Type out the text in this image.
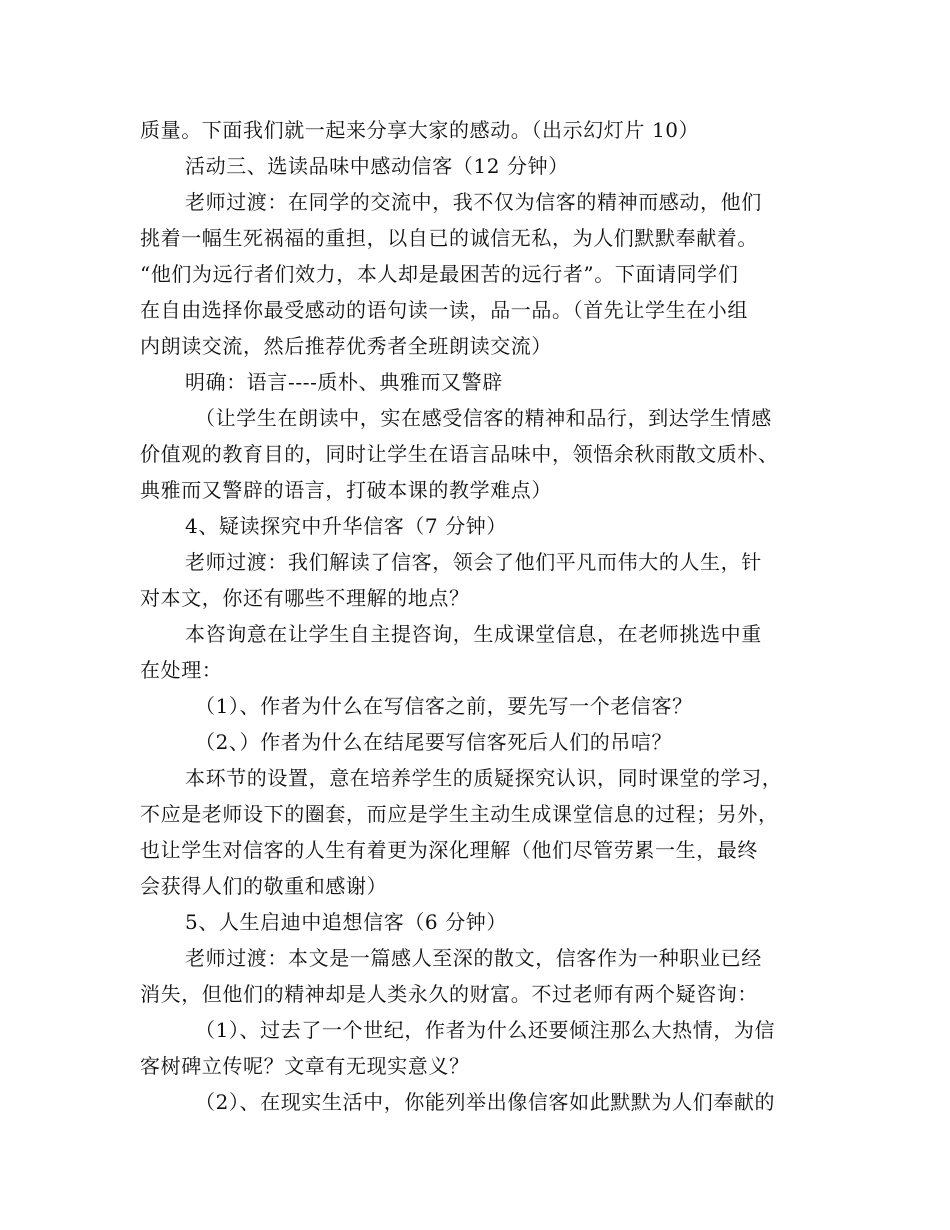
质量。下面我们就一起来分享大家的感动。（出示幻灯片 10）
活动三、选读品味中感动信客（12 分钟）
老师过渡：在同学的交流中，我不仅为信客的精神而感动，他们
挑着一幅生死祸福的重担，以自已的诚信无私，为人们默默奉献着。
“他们为远行者们效力，本人却是最困苦的远行者”。下面请同学们
在自由选择你最受感动的语句读一读，品一品。（首先让学生在小组
内朗读交流，然后推荐优秀者全班朗读交流）
明确：语言----质朴、典雅而又警辟
（让学生在朗读中，实在感受信客的精神和品行，到达学生情感
价值观的教育目的，同时让学生在语言品味中，领悟余秋雨散文质朴、
典雅而又警辟的语言，打破本课的教学难点）
4、疑读探究中升华信客（7 分钟）
老师过渡：我们解读了信客，领会了他们平凡而伟大的人生，针
对本文，你还有哪些不理解的地点？
本咨询意在让学生自主提咨询，生成课堂信息，在老师挑选中重
在处理：
（1）、作者为什么在写信客之前，要先写一个老信客？
（2、）作者为什么在结尾要写信客死后人们的吊唁？
本环节的设置，意在培养学生的质疑探究认识，同时课堂的学习，
不应是老师设下的圈套，而应是学生主动生成课堂信息的过程；另外，
也让学生对信客的人生有着更为深化理解（他们尽管劳累一生，最终
会获得人们的敬重和感谢）
5、人生启迪中追想信客（6 分钟）
老师过渡：本文是一篇感人至深的散文，信客作为一种职业已经
消失，但他们的精神却是人类永久的财富。不过老师有两个疑咨询：
（1）、过去了一个世纪，作者为什么还要倾注那么大热情，为信
客树碑立传呢？文章有无现实意义？
（2）、在现实生活中，你能列举出像信客如此默默为人们奉献的
